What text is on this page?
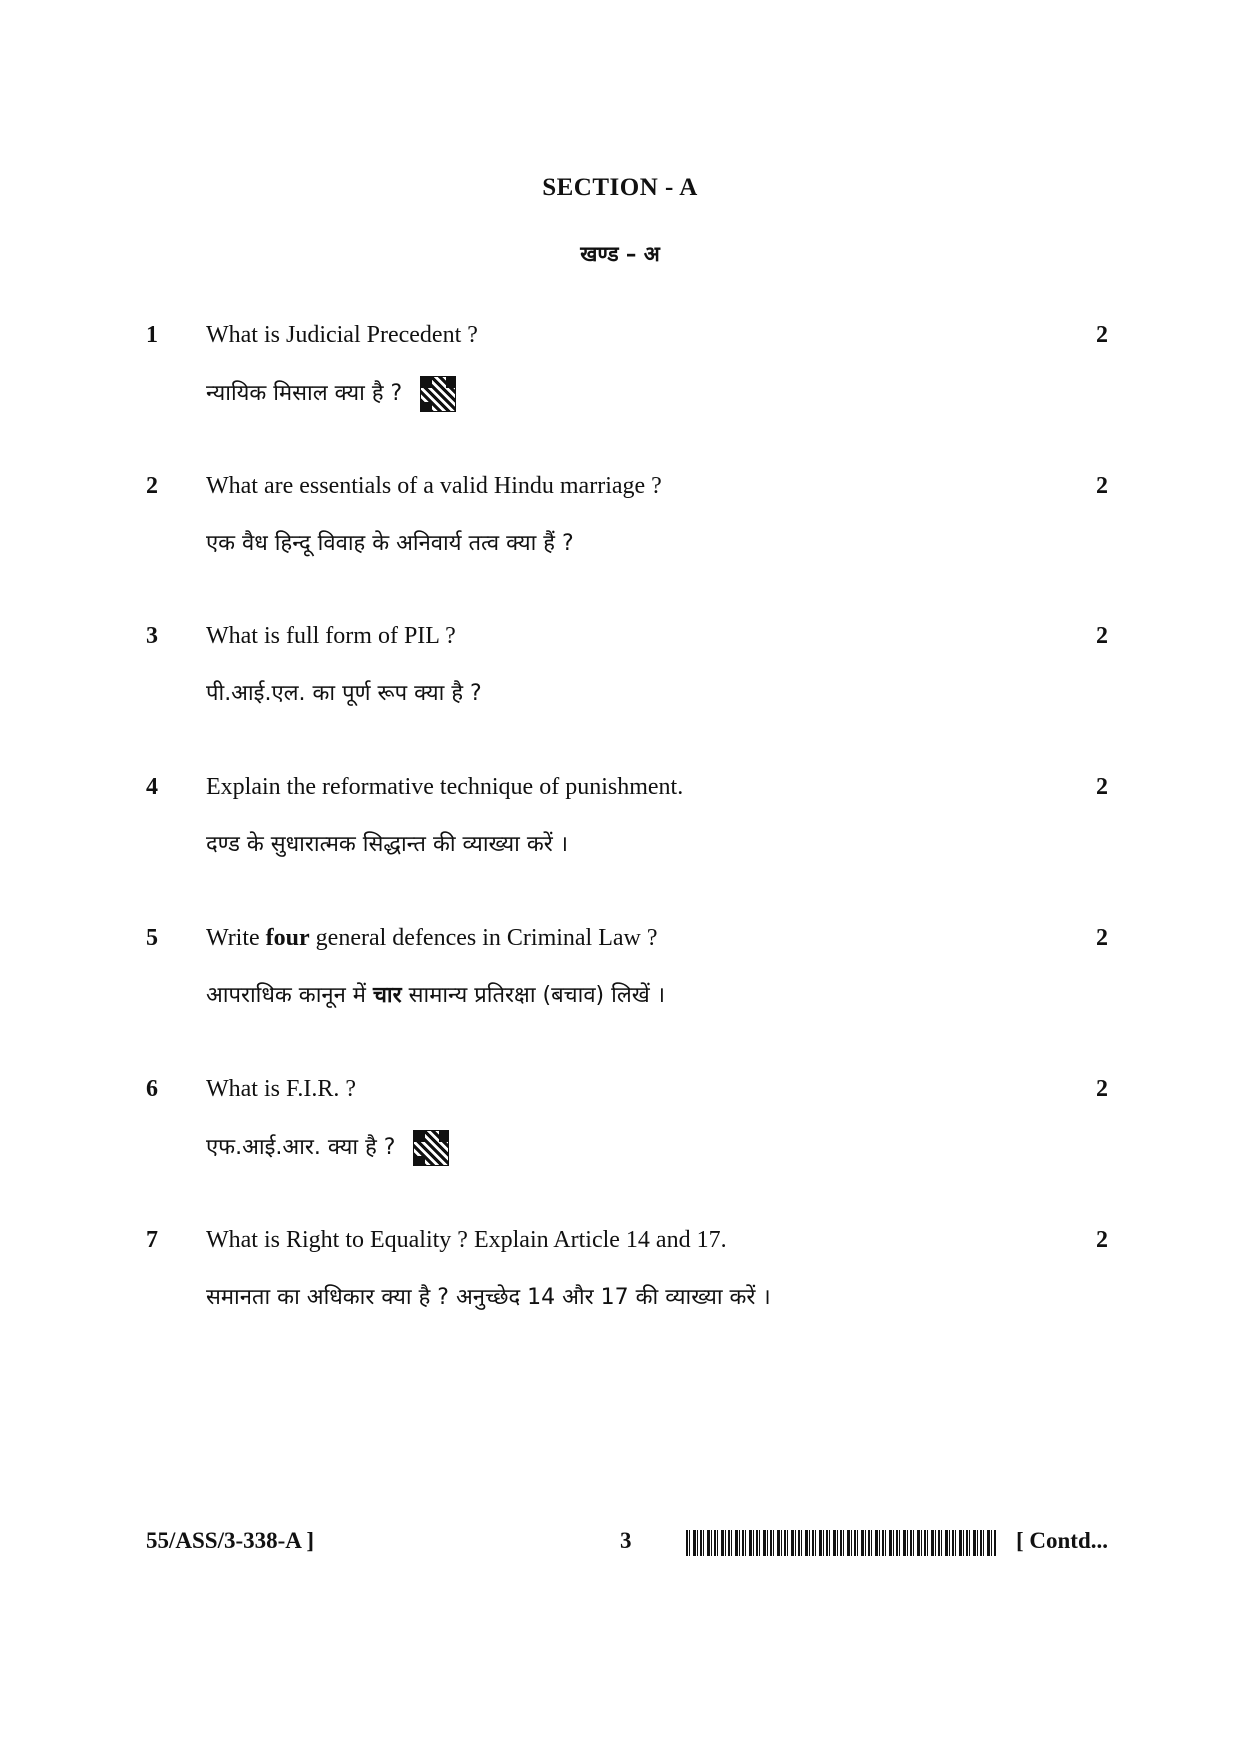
SECTION - A
खण्ड – अ
1 What is Judicial Precedent ?
न्यायिक मिसाल क्या है ?
2
2 What are essentials of a valid Hindu marriage ?
एक वैध हिन्दू विवाह के अनिवार्य तत्व क्या हैं ?
2
3 What is full form of PIL ?
पी.आई.एल. का पूर्ण रूप क्या है ?
2
4 Explain the reformative technique of punishment.
दण्ड के सुधारात्मक सिद्धान्त की व्याख्या करें ।
2
5 Write four general defences in Criminal Law ?
आपराधिक कानून में चार सामान्य प्रतिरक्षा (बचाव) लिखें ।
2
6 What is F.I.R. ?
एफ.आई.आर. क्या है ?
2
7 What is Right to Equality ? Explain Article 14 and 17.
समानता का अधिकार क्या है ? अनुच्छेद 14 और 17 की व्याख्या करें ।
2
55/ASS/3-338-A ]	3	[ Contd...
